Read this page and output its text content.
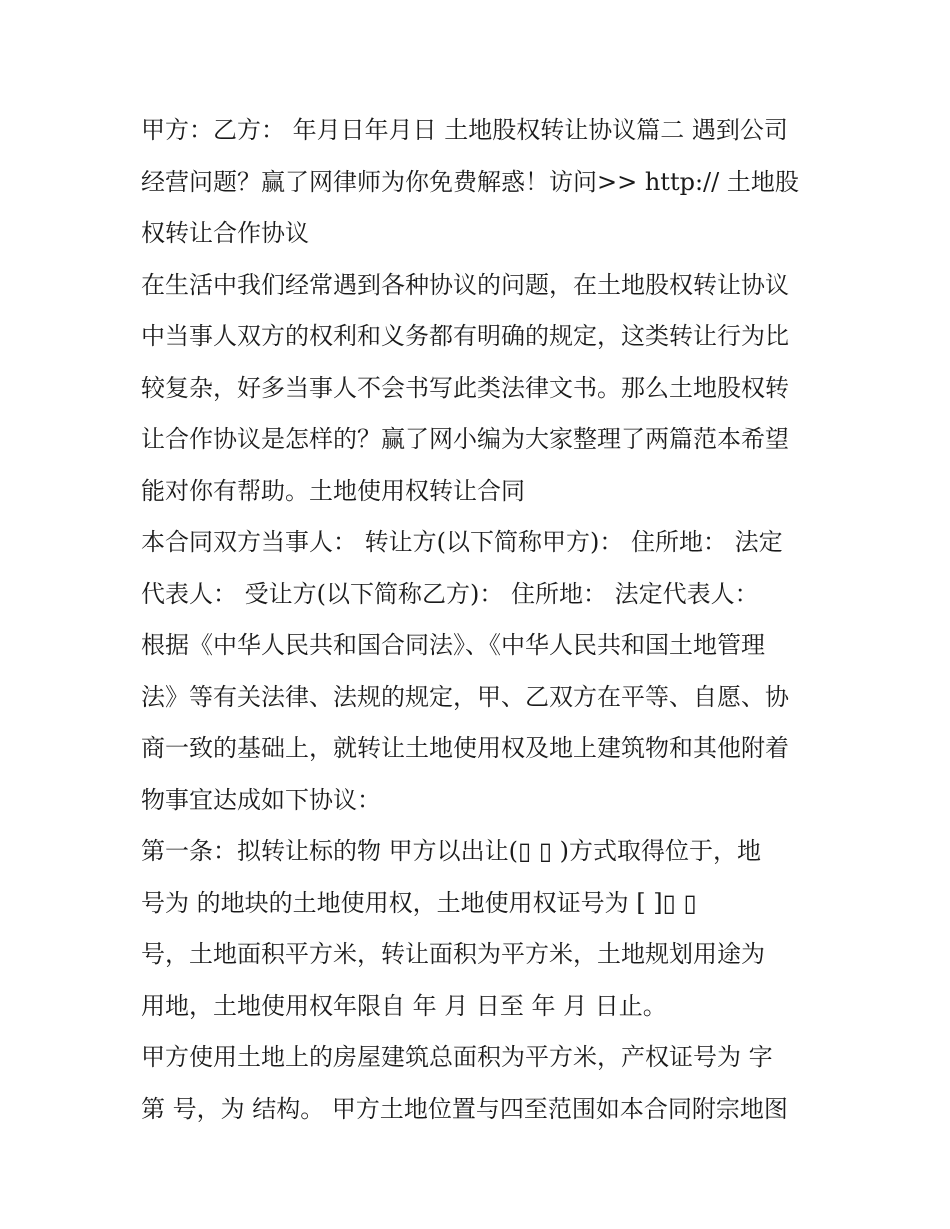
甲方：乙方： 年月日年月日 土地股权转让协议篇二 遇到公司
经营问题？赢了网律师为你免费解惑！访问>> http:// 土地股
权转让合作协议
在生活中我们经常遇到各种协议的问题，在土地股权转让协议
中当事人双方的权利和义务都有明确的规定，这类转让行为比
较复杂，好多当事人不会书写此类法律文书。那么土地股权转
让合作协议是怎样的？赢了网小编为大家整理了两篇范本希望
能对你有帮助。土地使用权转让合同
本合同双方当事人： 转让方(以下简称甲方)： 住所地： 法定
代表人： 受让方(以下简称乙方)： 住所地： 法定代表人：
根据《中华人民共和国合同法》、《中华人民共和国土地管理
法》等有关法律、法规的规定，甲、乙双方在平等、自愿、协
商一致的基础上，就转让土地使用权及地上建筑物和其他附着
物事宜达成如下协议：
第一条：拟转让标的物 甲方以出让(▯ ▯ )方式取得位于，地
号为 的地块的土地使用权，土地使用权证号为 [ ]▯ ▯
号，土地面积平方米，转让面积为平方米，土地规划用途为
用地，土地使用权年限自 年 月 日至 年 月 日止。
甲方使用土地上的房屋建筑总面积为平方米，产权证号为 字
第 号，为 结构。 甲方土地位置与四至范围如本合同附宗地图
